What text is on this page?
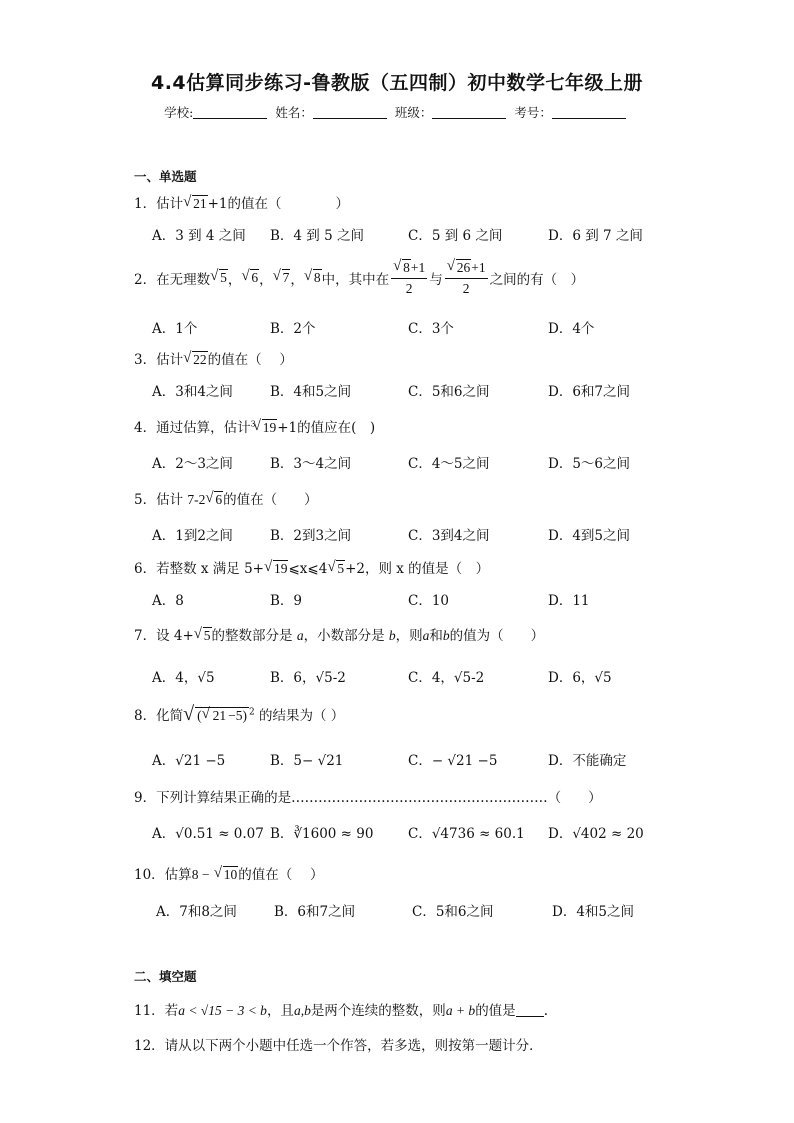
4.4估算同步练习-鲁教版（五四制）初中数学七年级上册
学校:	姓名：	班级：	考号：
一、单选题
1．估计 √ 21+1的值在（　　　　）
A．3 到 4 之间 B．4 到 5 之间	C．5 到 6 之间	D．6 到 7 之间
2．在无理数 √ 5 ， √ 6 ， √ 7 ， √ 8 中，其中在 √ $\frac{8+1}{2}$ 与 √ $\frac{26+1}{2}$ 之间的有（　）
A．1个	B．2个	C．3个	D．4个
3．估计 √ 22的值在（　 ）
A．3和4之间	B．4和5之间	C．5和6之间	D．6和7之间
4．通过估算，估计$^3$ √ 19+1的值应在(　)
A．2～3之间	B．3～4之间	C．4～5之间	D．5～6之间
5．估计 7-2 √ 6的值在（　　）
A．1到2之间	B．2到3之间	C．3到4之间	D．4到5之间
6．若整数 x 满足 5+ √ 19⩽x⩽4 √ 5+2，则 x 的值是（　）
A．8	B．9	C．10	D．11
7．设 4+ √ 5的整数部分是 a，小数部分是 b，则a和b的值为（　　）
A．4，√5	B．6，√5-2	C．4，√5-2	D．6，√5
8．化简 √ ( √ 21 −5) $^2$ 的结果为（ ）
A．√21 −5	B．5− √21	C．− √21 −5	D．不能确定
9．下列计算结果正确的是…………………………………………………（　　）
A．√0.51 ≈ 0.07 B．∛1600 ≈ 90	C．√4736 ≈ 60.1 D．√402 ≈ 20
10．估算8 − √ 10的值在（　 ）
A．7和8之间	B．6和7之间	C．5和6之间	D．4和5之间
二、填空题
11．若a < √15 − 3 < b，且a,b是两个连续的整数，则a + b的值是 .
12．请从以下两个小题中任选一个作答，若多选，则按第一题计分．
